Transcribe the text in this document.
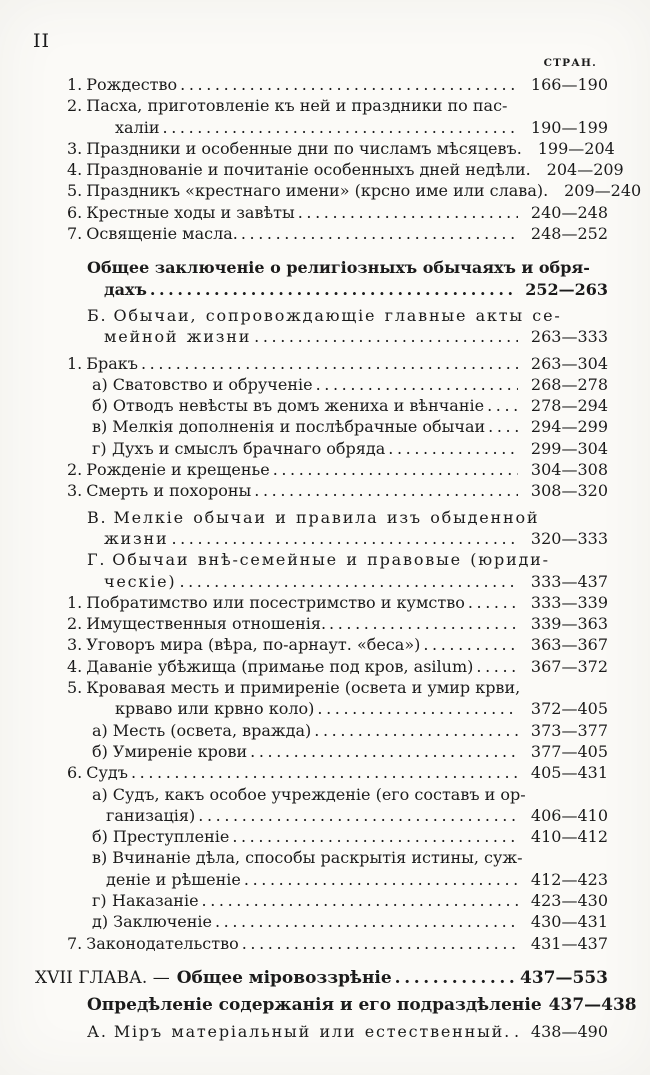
II
СТРАН.
1. Рождество .....	166—190
2. Пасха, приготовленіе къ ней и праздники по пас-
халіи .....	190—199
3. Праздники и особенные дни по числамъ мѣсяцевъ. 199—204
4. Празднованіе и почитаніе особенныхъ дней недѣли. 204—209
5. Праздникъ «крестнаго имени» (крсно име или слава). 209—240
6. Крестные ходы и завѣты .....	240—248
7. Освященіе масла. .....	248—252
Общее заключеніе о религіозныхъ обычаяхъ и обря-
дахъ .....	252—263
Б. Обычаи, сопровождающіе главные акты се-
мейной жизни .....	263—333
1. Бракъ .....	263—304
а) Сватовство и обрученіе .....	268—278
б) Отводъ невѣсты въ домъ жениха и вѣнчаніе .....	278—294
в) Мелкія дополненія и послѣбрачные обычаи .....	294—299
г) Духъ и смыслъ брачнаго обряда .....	299—304
2. Рожденіе и крещенье .....	304—308
3. Смерть и похороны .....	308—320
В. Мелкіе обычаи и правила изъ обыденной
жизни .....	320—333
Г. Обычаи внѣ-семейные и правовые (юриди-
ческіе) .....	333—437
1. Побратимство или посестримство и кумство .....	333—339
2. Имущественныя отношенія. .....	339—363
3. Уговоръ мира (вѣра, по-арнаут. «беса») .....	363—367
4. Даваніе убѣжища (примање под кров, asilum) .....	367—372
5. Кровавая месть и примиреніе (освета и умир крви,
крваво или крвно коло) .....	372—405
а) Месть (освета, вражда) .....	373—377
б) Умиреніе крови .....	377—405
6. Судъ .....	405—431
а) Судъ, какъ особое учрежденіе (его составъ и ор-
ганизація) .....	406—410
б) Преступленіе .....	410—412
в) Вчинаніе дѣла, способы раскрытія истины, суж-
деніе и рѣшеніе .....	412—423
г) Наказаніе .....	423—430
д) Заключеніе .....	430—431
7. Законодательство .....	431—437
XVII ГЛАВА. — Общее міровоззрѣніе .....	437—553
Опредѣленіе содержанія и его подраздѣленіе 437—438
А. Міръ матеріальный или естественный. .....	438—490
